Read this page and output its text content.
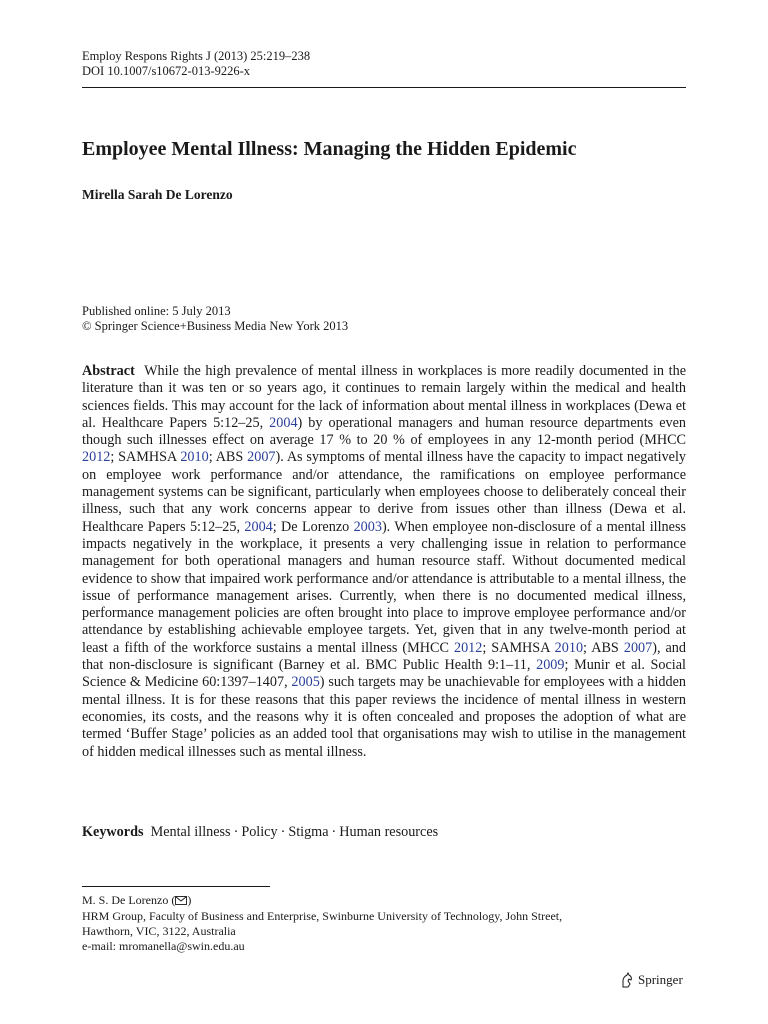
Employ Respons Rights J (2013) 25:219–238
DOI 10.1007/s10672-013-9226-x
Employee Mental Illness: Managing the Hidden Epidemic
Mirella Sarah De Lorenzo
Published online: 5 July 2013
© Springer Science+Business Media New York 2013

Abstract While the high prevalence of mental illness in workplaces is more readily documented in the literature than it was ten or so years ago, it continues to remain largely within the medical and health sciences fields. This may account for the lack of information about mental illness in workplaces (Dewa et al. Healthcare Papers 5:12–25, 2004) by operational managers and human resource departments even though such illnesses effect on average 17 % to 20 % of employees in any 12-month period (MHCC 2012; SAMHSA 2010; ABS 2007). As symptoms of mental illness have the capacity to impact negatively on employee work performance and/or attendance, the ramifications on employee performance management systems can be significant, particularly when employees choose to deliberately conceal their illness, such that any work concerns appear to derive from issues other than illness (Dewa et al. Healthcare Papers 5:12–25, 2004; De Lorenzo 2003). When employee non-disclosure of a mental illness impacts negatively in the workplace, it presents a very challenging issue in relation to performance management for both operational managers and human resource staff. Without documented medical evidence to show that impaired work performance and/or attendance is attributable to a mental illness, the issue of performance management arises. Currently, when there is no documented medical illness, performance management policies are often brought into place to improve employee performance and/or attendance by establishing achievable employee targets. Yet, given that in any twelve-month period at least a fifth of the workforce sustains a mental illness (MHCC 2012; SAMHSA 2010; ABS 2007), and that non-disclosure is significant (Barney et al. BMC Public Health 9:1–11, 2009; Munir et al. Social Science & Medicine 60:1397–1407, 2005) such targets may be unachievable for employees with a hidden mental illness. It is for these reasons that this paper reviews the incidence of mental illness in western economies, its costs, and the reasons why it is often concealed and proposes the adoption of what are termed ‘Buffer Stage’ policies as an added tool that organisations may wish to utilise in the management of hidden medical illnesses such as mental illness.

Keywords Mental illness · Policy · Stigma · Human resources
M. S. De Lorenzo ( )
HRM Group, Faculty of Business and Enterprise, Swinburne University of Technology, John Street,
Hawthorn, VIC, 3122, Australia
e-mail: mromanella@swin.edu.au
Springer
